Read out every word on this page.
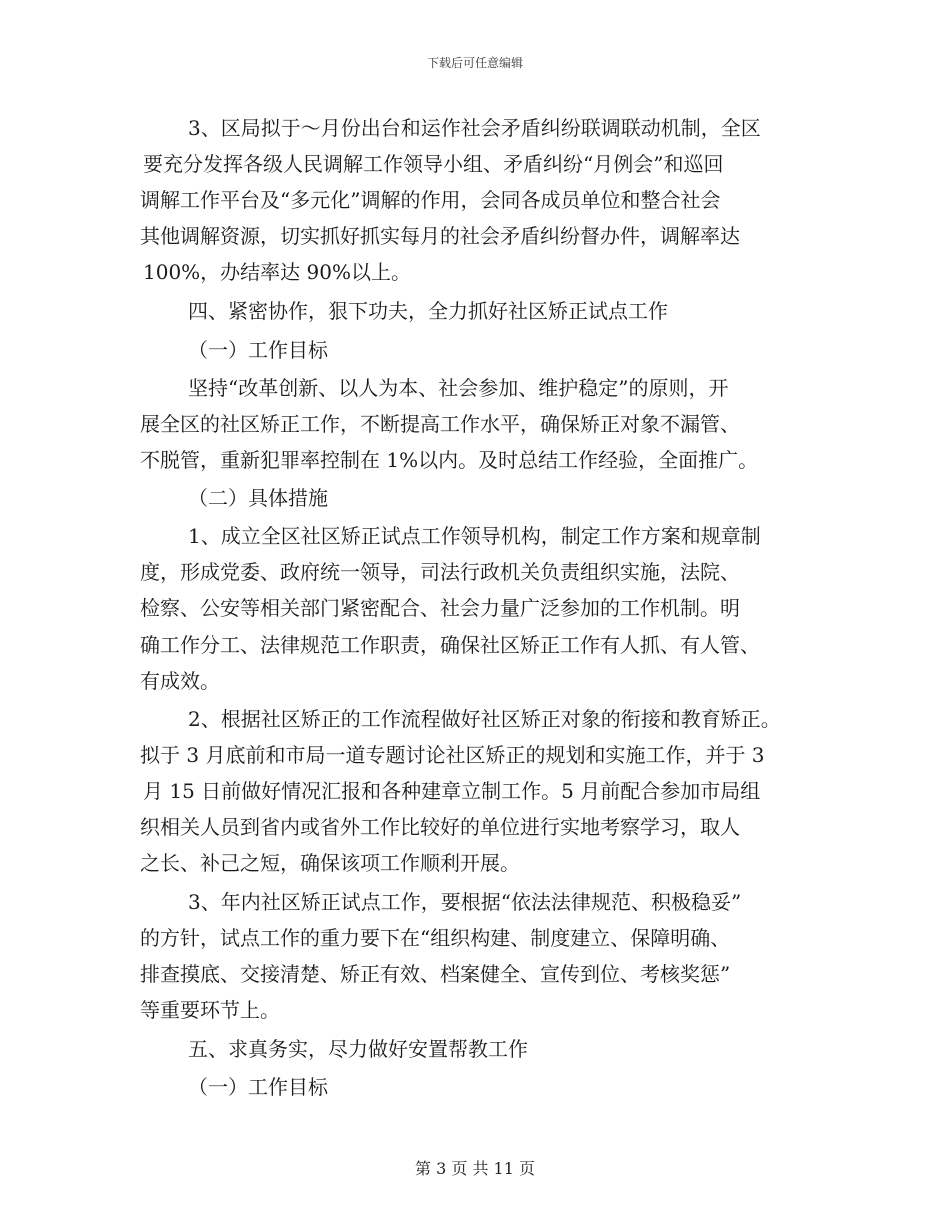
下载后可任意编辑
3、区局拟于～月份出台和运作社会矛盾纠纷联调联动机制，全区
要充分发挥各级人民调解工作领导小组、矛盾纠纷“月例会”和巡回
调解工作平台及“多元化”调解的作用，会同各成员单位和整合社会
其他调解资源，切实抓好抓实每月的社会矛盾纠纷督办件，调解率达
100%，办结率达 90%以上。
四、紧密协作，狠下功夫，全力抓好社区矫正试点工作
（一）工作目标
坚持“改革创新、以人为本、社会参加、维护稳定”的原则，开
展全区的社区矫正工作，不断提高工作水平，确保矫正对象不漏管、
不脱管，重新犯罪率控制在 1%以内。及时总结工作经验，全面推广。
（二）具体措施
1、成立全区社区矫正试点工作领导机构，制定工作方案和规章制
度，形成党委、政府统一领导，司法行政机关负责组织实施，法院、
检察、公安等相关部门紧密配合、社会力量广泛参加的工作机制。明
确工作分工、法律规范工作职责，确保社区矫正工作有人抓、有人管、
有成效。
2、根据社区矫正的工作流程做好社区矫正对象的衔接和教育矫正。
拟于 3 月底前和市局一道专题讨论社区矫正的规划和实施工作，并于 3
月 15 日前做好情况汇报和各种建章立制工作。5 月前配合参加市局组
织相关人员到省内或省外工作比较好的单位进行实地考察学习，取人
之长、补己之短，确保该项工作顺利开展。
3、年内社区矫正试点工作，要根据“依法法律规范、积极稳妥”
的方针，试点工作的重力要下在“组织构建、制度建立、保障明确、
排查摸底、交接清楚、矫正有效、档案健全、宣传到位、考核奖惩”
等重要环节上。
五、求真务实，尽力做好安置帮教工作
（一）工作目标
第 3 页 共 11 页
